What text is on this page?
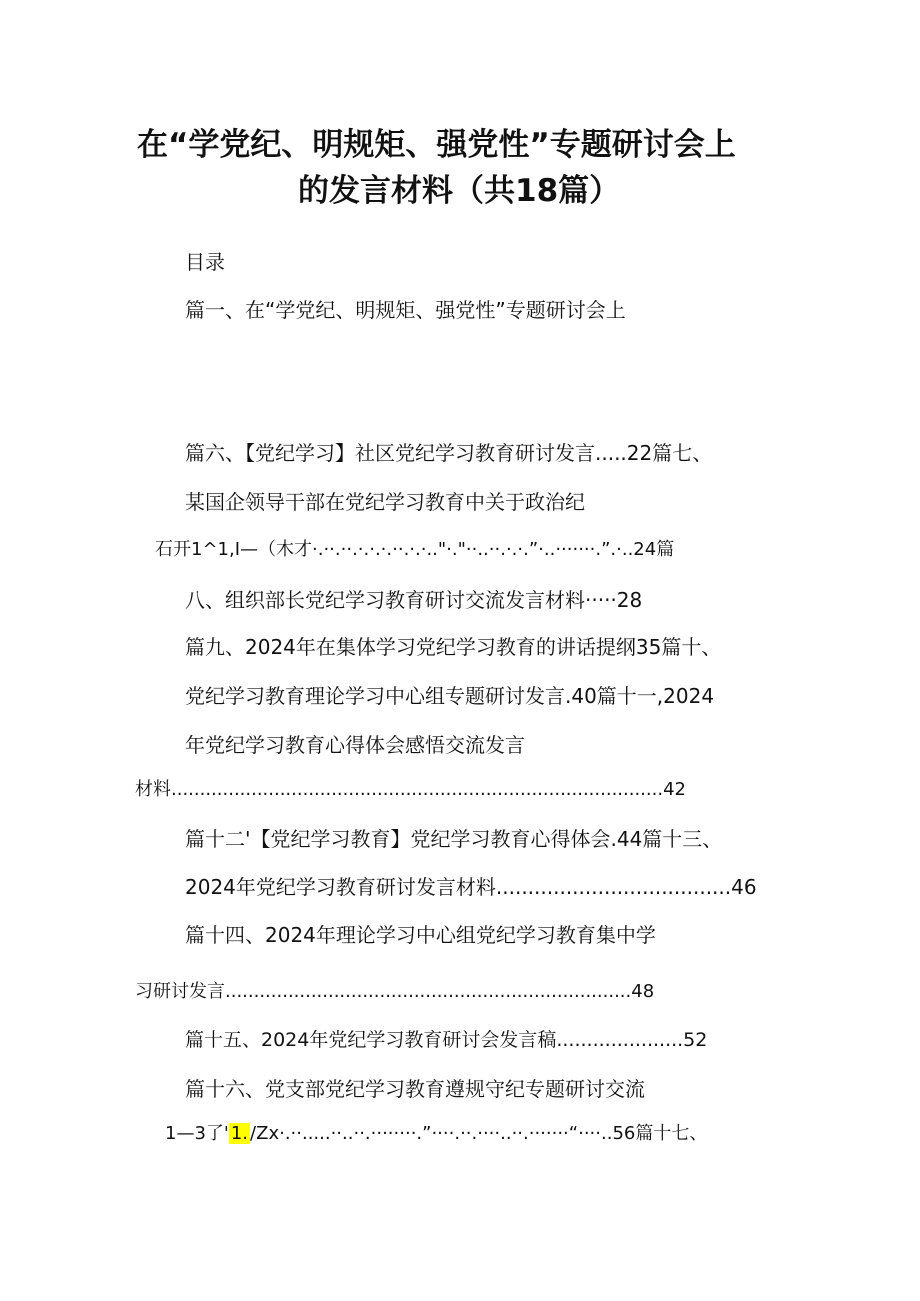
在“学党纪、明规矩、强党性”专题研讨会上
的发言材料（共18篇）
目录
篇一、在“学党纪、明规矩、强党性”专题研讨会上
篇六、【党纪学习】社区党纪学习教育研讨发言.....22篇七、
某国企领导干部在党纪学习教育中关于政治纪
石开1^1,I—（木才·.··.··.·.·.·.··.·.·.."·."··..··.·.·.”·..·······.”.·..24篇
八、组织部长党纪学习教育研讨交流发言材料·····28
篇九、2024年在集体学习党纪学习教育的讲话提纲35篇十、
党纪学习教育理论学习中心组专题研讨发言.40篇十一,2024
年党纪学习教育心得体会感悟交流发言
材料......................................................................................42
篇十二'【党纪学习教育】党纪学习教育心得体会.44篇十三、
2024年党纪学习教育研讨发言材料.....................................46
篇十四、2024年理论学习中心组党纪学习教育集中学
习研讨发言.......................................................................48
篇十五、2024年党纪学习教育研讨会发言稿.....................52
篇十六、党支部党纪学习教育遵规守纪专题研讨交流
1—3了' 1. /Zx·.··.....··..··.········.”····.··.····..··.·······“····..56篇十七、
